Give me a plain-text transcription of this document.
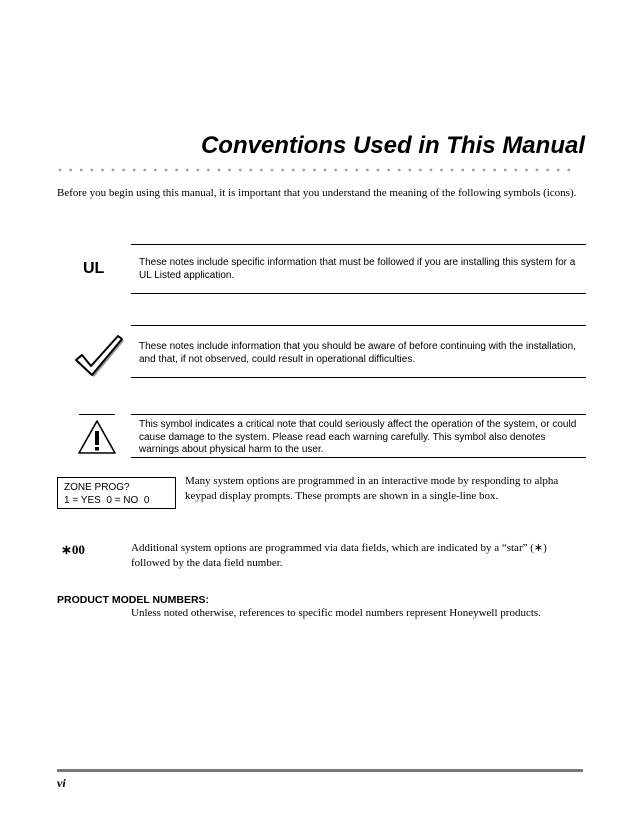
Conventions Used in This Manual
Before you begin using this manual, it is important that you understand the meaning of the following symbols (icons).
UL	These notes include specific information that must be followed if you are installing this system for a UL Listed application.
These notes include information that you should be aware of before continuing with the installation, and that, if not observed, could result in operational difficulties.
This symbol indicates a critical note that could seriously affect the operation of the system, or could cause damage to the system. Please read each warning carefully. This symbol also denotes warnings about physical harm to the user.
ZONE PROG?
1 = YES  0 = NO  0
Many system options are programmed in an interactive mode by responding to alpha keypad display prompts. These prompts are shown in a single-line box.
∗00	Additional system options are programmed via data fields, which are indicated by a “star” (∗) followed by the data field number.
PRODUCT MODEL NUMBERS:
Unless noted otherwise, references to specific model numbers represent Honeywell products.
vi
